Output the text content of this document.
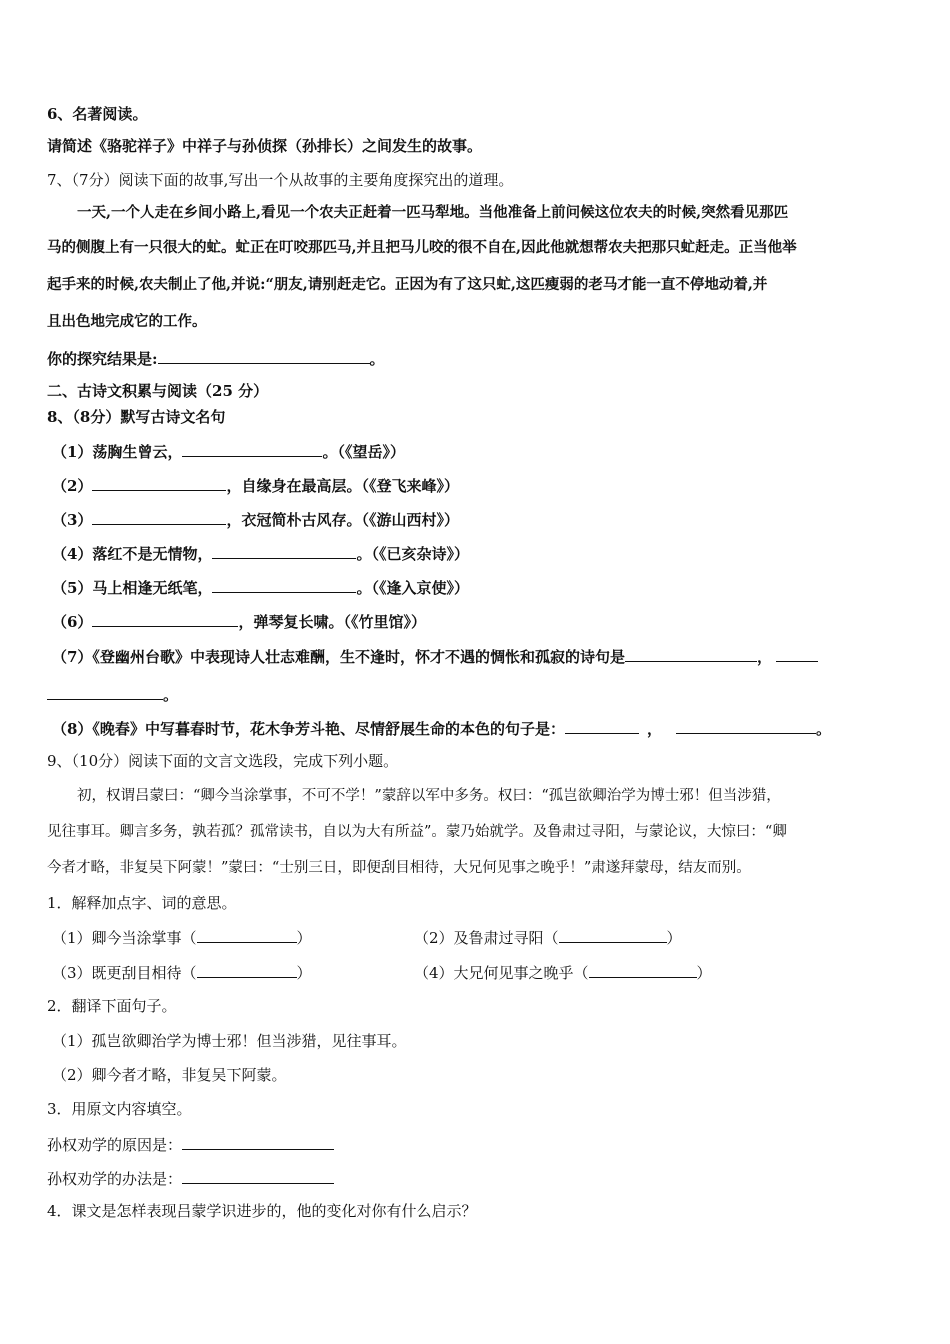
6、名著阅读。
请简述《骆驼祥子》中祥子与孙侦探（孙排长）之间发生的故事。
7、（7分）阅读下面的故事,写出一个从故事的主要角度探究出的道理。
一天,一个人走在乡间小路上,看见一个农夫正赶着一匹马犁地。当他准备上前问候这位农夫的时候,突然看见那匹
马的侧腹上有一只很大的虻。虻正在叮咬那匹马,并且把马儿咬的很不自在,因此他就想帮农夫把那只虻赶走。正当他举
起手来的时候,农夫制止了他,并说:“朋友,请别赶走它。正因为有了这只虻,这匹瘦弱的老马才能一直不停地动着,并
且出色地完成它的工作。
你的探究结果是:	。
二、古诗文积累与阅读（25 分）
8、（8分）默写古诗文名句
（1）荡胸生曾云，	。（《望岳》）
（2）	，自缘身在最高层。（《登飞来峰》）
（3）	，衣冠简朴古风存。（《游山西村》）
（4）落红不是无情物，	。（《已亥杂诗》）
（5）马上相逢无纸笔，	。（《逢入京使》）
（6）	，弹琴复长啸。（《竹里馆》）
（7）《登幽州台歌》中表现诗人壮志难酬，生不逢时，怀才不遇的惆怅和孤寂的诗句是	，
。
（8）《晚春》中写暮春时节，花木争芳斗艳、尽情舒展生命的本色的句子是：	，	。
9、（10分）阅读下面的文言文选段，完成下列小题。
初，权谓吕蒙曰：“卿今当涂掌事，不可不学！”蒙辞以军中多务。权曰：“孤岂欲卿治学为博士邪！但当涉猎，
见往事耳。卿言多务，孰若孤？孤常读书，自以为大有所益”。蒙乃始就学。及鲁肃过寻阳，与蒙论议，大惊曰：“卿
今者才略，非复吴下阿蒙！”蒙曰：“士别三日，即便刮目相待，大兄何见事之晚乎！”肃遂拜蒙母，结友而别。
1．解释加点字、词的意思。
（1）卿今当涂掌事（	）	（2）及鲁肃过寻阳（	）
（3）既更刮目相待（	）	（4）大兄何见事之晚乎（	）
2．翻译下面句子。
（1）孤岂欲卿治学为博士邪！但当涉猎，见往事耳。
（2）卿今者才略，非复吴下阿蒙。
3．用原文内容填空。
孙权劝学的原因是：
孙权劝学的办法是：
4．课文是怎样表现吕蒙学识进步的，他的变化对你有什么启示？
